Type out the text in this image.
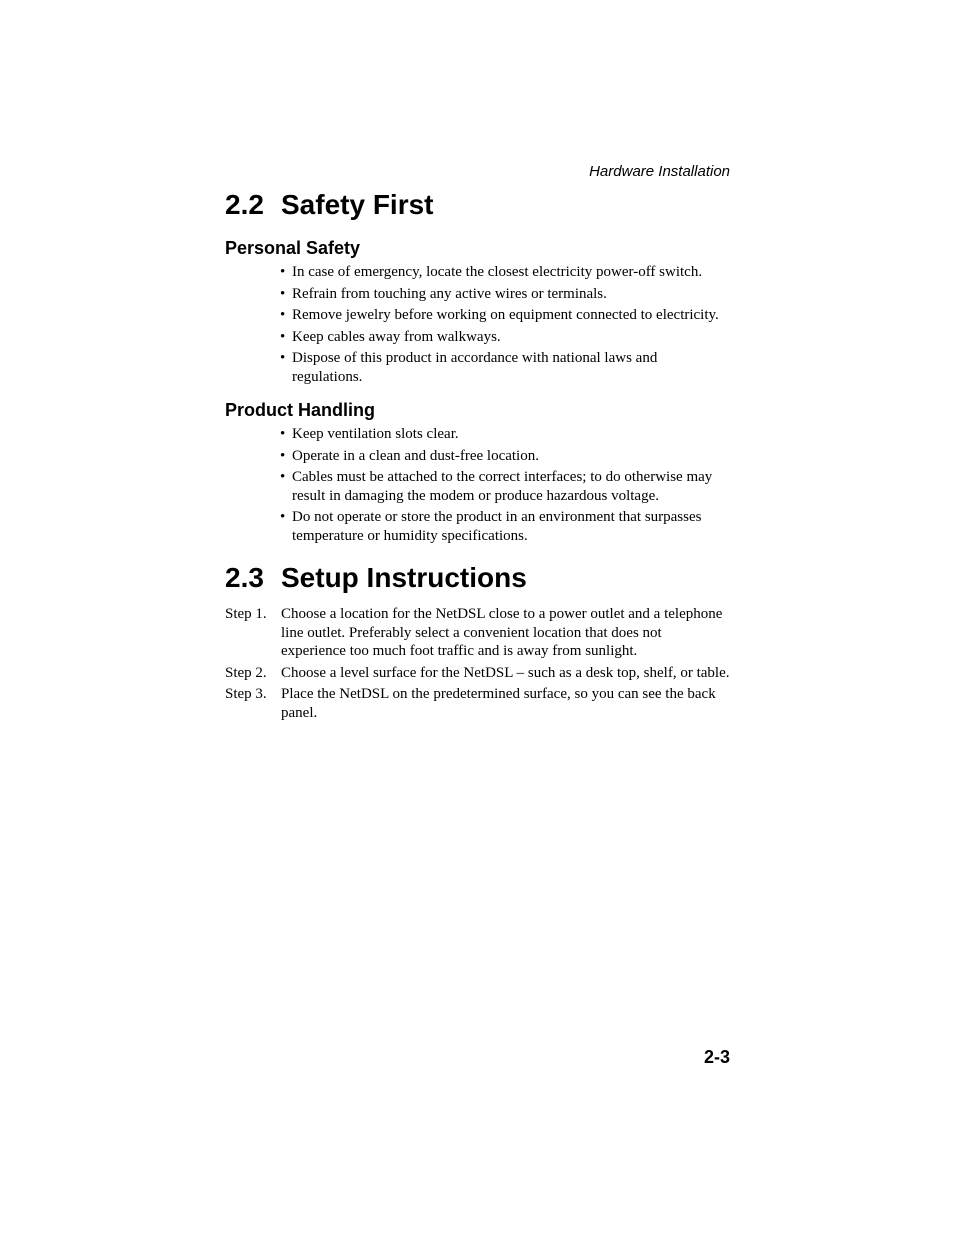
Hardware Installation
2.2 Safety First
Personal Safety
• In case of emergency, locate the closest electricity power-off switch.
• Refrain from touching any active wires or terminals.
• Remove jewelry before working on equipment connected to electricity.
• Keep cables away from walkways.
• Dispose of this product in accordance with national laws and regulations.
Product Handling
• Keep ventilation slots clear.
• Operate in a clean and dust-free location.
• Cables must be attached to the correct interfaces; to do otherwise may result in damaging the modem or produce hazardous voltage.
• Do not operate or store the product in an environment that surpasses temperature or humidity specifications.
2.3 Setup Instructions
Step 1. Choose a location for the NetDSL close to a power outlet and a telephone line outlet. Preferably select a convenient location that does not experience too much foot traffic and is away from sunlight.
Step 2. Choose a level surface for the NetDSL – such as a desk top, shelf, or table.
Step 3. Place the NetDSL on the predetermined surface, so you can see the back panel.
2-3
